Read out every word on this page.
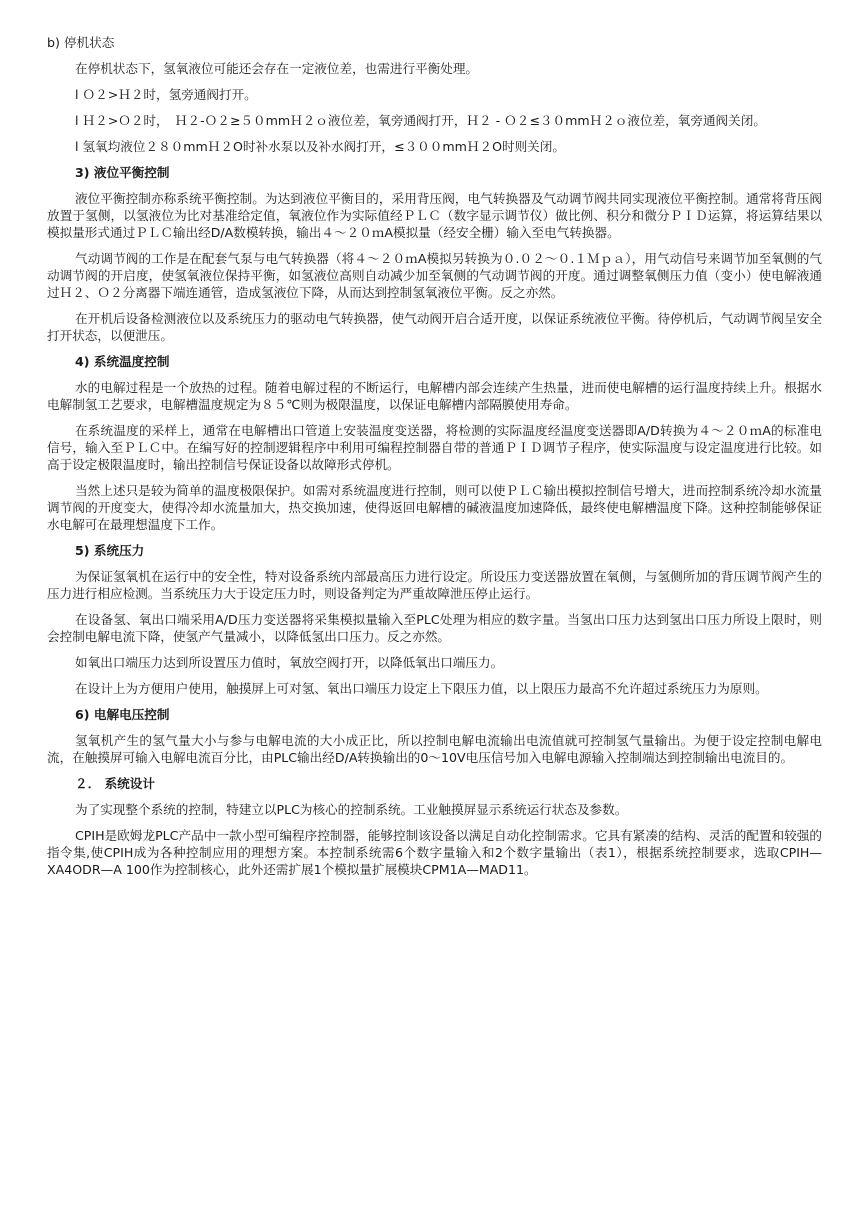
b) 停机状态
在停机状态下，氢氧液位可能还会存在一定液位差，也需进行平衡处理。
l Ｏ２>Ｈ２时，氢旁通阀打开。
l Ｈ２>Ｏ２时，　Ｈ２-Ｏ２≥５０mmＨ２ｏ液位差，氧旁通阀打开，Ｈ２ - Ｏ２≤３０mmＨ２ｏ液位差，氧旁通阀关闭。
l 氢氧均液位２８０mmＨ２O时补水泵以及补水阀打开，≤３００mmＨ２O时则关闭。
3) 液位平衡控制
液位平衡控制亦称系统平衡控制。为达到液位平衡目的，采用背压阀，电气转换器及气动调节阀共同实现液位平衡控制。通常将背压阀放置于氢侧，以氢液位为比对基准给定值，氧液位作为实际值经ＰＬＣ（数字显示调节仪）做比例、积分和微分ＰＩＤ运算，将运算结果以模拟量形式通过ＰＬＣ输出经D/A数模转换，输出４～２０ｍA模拟量（经安全栅）输入至电气转换器。
气动调节阀的工作是在配套气泵与电气转换器（将４～２０ｍA模拟另转换为０.０２～０.１Ｍｐａ），用气动信号来调节加至氧侧的气动调节阀的开启度，使氢氧液位保持平衡，如氢液位高则自动减少加至氧侧的气动调节阀的开度。通过调整氧侧压力值（变小）使电解液通过Ｈ２、Ｏ２分离器下端连通管，造成氢液位下降，从而达到控制氢氧液位平衡。反之亦然。
在开机后设备检测液位以及系统压力的驱动电气转换器，使气动阀开启合适开度，以保证系统液位平衡。待停机后，气动调节阀呈安全打开状态，以便泄压。
4) 系统温度控制
水的电解过程是一个放热的过程。随着电解过程的不断运行，电解槽内部会连续产生热量，进而使电解槽的运行温度持续上升。根据水电解制氢工艺要求，电解槽温度规定为８５℃则为极限温度，以保证电解槽内部隔膜使用寿命。
在系统温度的采样上，通常在电解槽出口管道上安装温度变送器，将检测的实际温度经温度变送器即A/D转换为４～２０ｍA的标准电信号，输入至ＰＬＣ中。在编写好的控制逻辑程序中利用可编程控制器自带的普通ＰＩＤ调节子程序，使实际温度与设定温度进行比较。如高于设定极限温度时，输出控制信号保证设备以故障形式停机。
当然上述只是较为简单的温度极限保护。如需对系统温度进行控制，则可以使ＰＬＣ输出模拟控制信号增大，进而控制系统冷却水流量调节阀的开度变大，使得冷却水流量加大，热交换加速，使得返回电解槽的碱液温度加速降低，最终使电解槽温度下降。这种控制能够保证水电解可在最理想温度下工作。
5) 系统压力
为保证氢氧机在运行中的安全性，特对设备系统内部最高压力进行设定。所设压力变送器放置在氧侧，与氢侧所加的背压调节阀产生的压力进行相应检测。当系统压力大于设定压力时，则设备判定为严重故障泄压停止运行。
在设备氢、氧出口端采用A/D压力变送器将采集模拟量输入至PLC处理为相应的数字量。当氢出口压力达到氢出口压力所设上限时，则会控制电解电流下降，使氢产气量减小，以降低氢出口压力。反之亦然。
如氧出口端压力达到所设置压力值时，氧放空阀打开，以降低氧出口端压力。
在设计上为方便用户使用，触摸屏上可对氢、氧出口端压力设定上下限压力值，以上限压力最高不允许超过系统压力为原则。
6) 电解电压控制
氢氧机产生的氢气量大小与参与电解电流的大小成正比，所以控制电解电流输出电流值就可控制氢气量输出。为便于设定控制电解电流，在触摸屏可输入电解电流百分比，由PLC输出经D/A转换输出的0～10V电压信号加入电解电源输入控制端达到控制输出电流目的。
２． 系统设计
为了实现整个系统的控制，特建立以PLC为核心的控制系统。工业触摸屏显示系统运行状态及参数。
CPIH是欧姆龙PLC产品中一款小型可编程序控制器，能够控制该设备以满足自动化控制需求。它具有紧凑的结构、灵活的配置和较强的指令集,使CPIH成为各种控制应用的理想方案。本控制系统需6个数字量输入和2个数字量输出（表1），根据系统控制要求，选取CPIH—XA4ODR—A 100作为控制核心，此外还需扩展1个模拟量扩展模块CPM1A—MAD11。
